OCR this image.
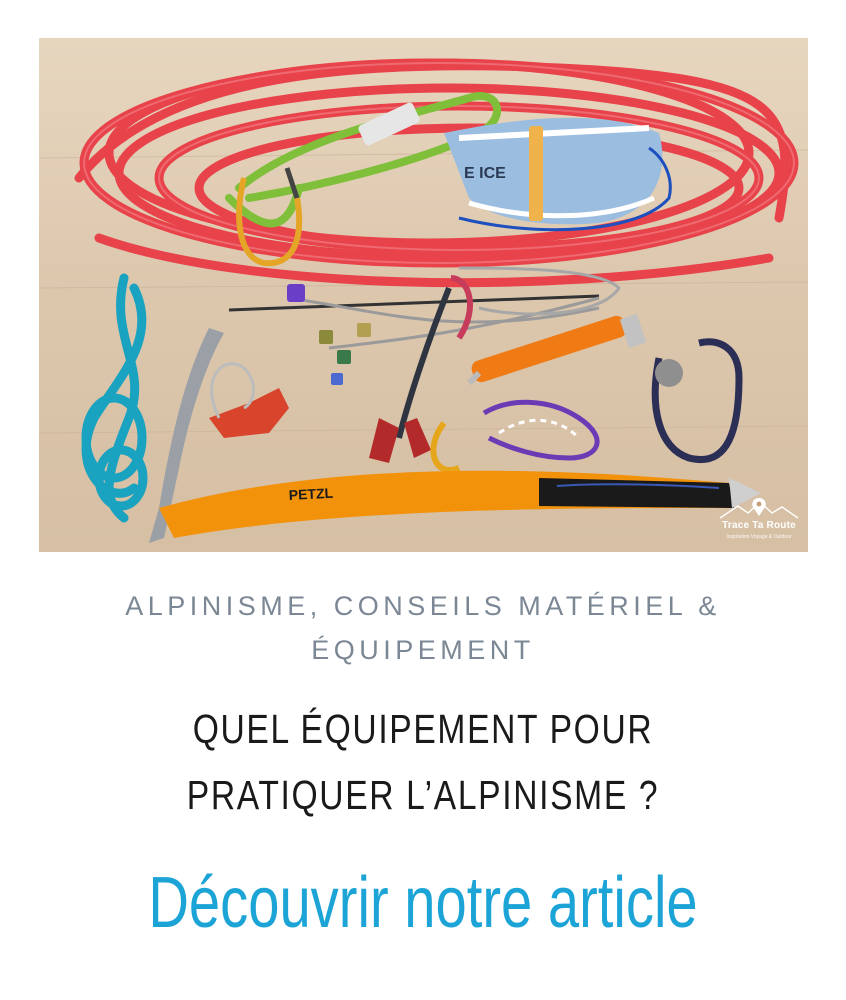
E ICE
PETZL
Trace Ta Route
Inspiration Voyage & Outdoor
ALPINISME, CONSEILS MATÉRIEL & ÉQUIPEMENT
QUEL ÉQUIPEMENT POUR PRATIQUER L’ALPINISME ?
Découvrir notre article
